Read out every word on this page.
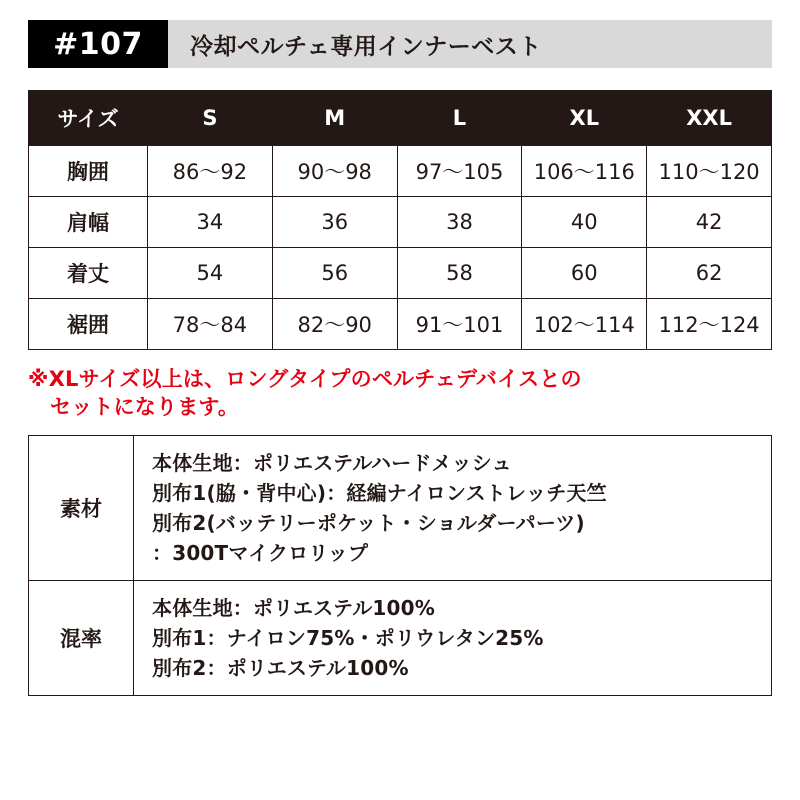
#107	冷却ペルチェ専用インナーベスト
サイズ	S	M	L	XL	XXL
胸囲	86〜92	90〜98	97〜105	106〜116	110〜120
肩幅	34	36	38	40	42
着丈	54	56	58	60	62
裾囲	78〜84	82〜90	91〜101	102〜114	112〜124
※XLサイズ以上は、ロングタイプのペルチェデバイスとの
セットになります。
素材	本体生地：ポリエステルハードメッシュ
別布1(脇・背中心)：経編ナイロンストレッチ天竺
別布2(バッテリーポケット・ショルダーパーツ)
：300Tマイクロリップ

混率	本体生地：ポリエステル100%
別布1：ナイロン75%・ポリウレタン25%
別布2：ポリエステル100%
